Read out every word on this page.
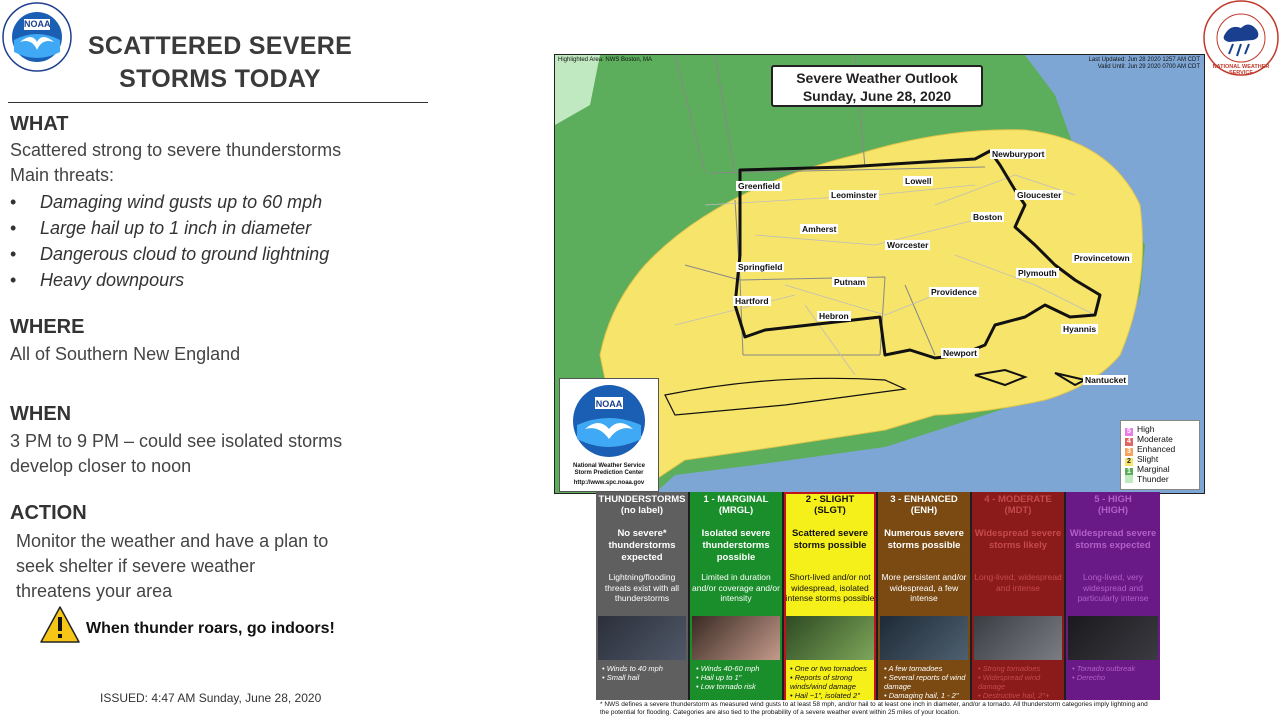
NOAA
SCATTERED SEVERE
STORMS TODAY	NATIONAL WEATHER SERVICE
WHAT
Scattered strong to severe thunderstorms
Main threats:
• Damaging wind gusts up to 60 mph
• Large hail up to 1 inch in diameter
• Dangerous cloud to ground lightning
• Heavy downpours
WHERE
All of Southern New England
WHEN
3 PM to 9 PM – could see isolated storms
develop closer to noon
ACTION
Monitor the weather and have a plan to
seek shelter if severe weather
threatens your area
When thunder roars, go indoors!
ISSUED: 4:47 AM Sunday, June 28, 2020
Highlighted Area: NWS Boston, MA	Last Updated: Jun 28 2020 1257 AM CDT
Valid Until: Jun 29 2020 0700 AM CDT
Severe Weather Outlook
Sunday, June 28, 2020
Newburyport
Greenfield	Lowell
Leominster	Gloucester
Amherst
Boston
Worcester
Springfield
Plymouth
Provincetown
Putnam
Providence
Hartford
Hebron
Hyannis
Newport
Nantucket
NOAA
National Weather Service
Storm Prediction Center
http://www.spc.noaa.gov
5 High
4 Moderate
3 Enhanced
2 Slight
1 Marginal
Thunder
THUNDERSTORMS
(no label)
No severe* thunderstorms expected
Lightning/flooding threats exist with all thunderstorms
• Winds to 40 mph
• Small hail
1 - MARGINAL
(MRGL)
Isolated severe thunderstorms possible
Limited in duration and/or coverage and/or intensity
• Winds 40-60 mph
• Hail up to 1"
• Low tornado risk
2 - SLIGHT
(SLGT)
Scattered severe storms possible
Short-lived and/or not widespread, isolated intense storms possible
• One or two tornadoes
• Reports of strong winds/wind damage
• Hail ~1", isolated 2"
3 - ENHANCED
(ENH)
Numerous severe storms possible
More persistent and/or widespread, a few intense
• A few tornadoes
• Several reports of wind damage
• Damaging hail, 1 - 2"
4 - MODERATE
(MDT)
Widespread severe storms likely
Long-lived, widespread and intense
• Strong tornadoes
• Widespread wind damage
• Destructive hail, 2"+
5 - HIGH
(HIGH)
Widespread severe storms expected
Long-lived, very widespread and particularly intense
• Tornado outbreak
• Derecho
* NWS defines a severe thunderstorm as measured wind gusts to at least 58 mph, and/or hail to at least one inch in diameter, and/or a tornado. All thunderstorm categories imply lightning and the potential for flooding. Categories are also tied to the probability of a severe weather event within 25 miles of your location.
